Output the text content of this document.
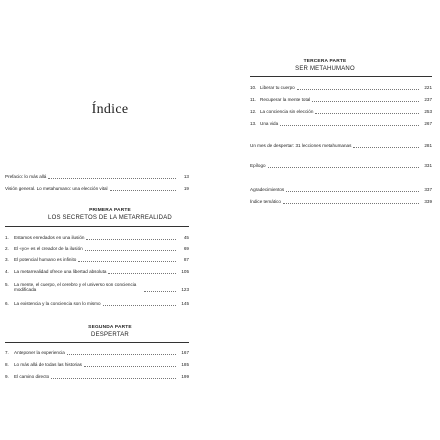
Índice
Prefacio: lo más allá	13
Visión general. Lo metahumano: una elección vital	19
PRIMERA PARTE
LOS SECRETOS DE LA METARREALIDAD
1.	Estamos enredados en una ilusión	45
2.	El «yo» es el creador de la ilusión	69
3.	El potencial humano es infinito	87
4.	La metarrealidad ofrece una libertad absoluta	105
5.	La mente, el cuerpo, el cerebro y el universo son conciencia modificada	123
6.	La existencia y la conciencia son lo mismo	145
SEGUNDA PARTE
DESPERTAR
7.	Anteponer la experiencia	167
8.	Lo más allá de todas las historias	185
9.	El camino directo	199
TERCERA PARTE
SER METAHUMANO
10. Liberar tu cuerpo	221
11. Recuperar la mente total	237
12. La conciencia sin elección	253
13. Una vida	267
Un mes de despertar: 31 lecciones metahumanas	281
Epílogo	331
Agradecimientos	337
Índice temático	339
